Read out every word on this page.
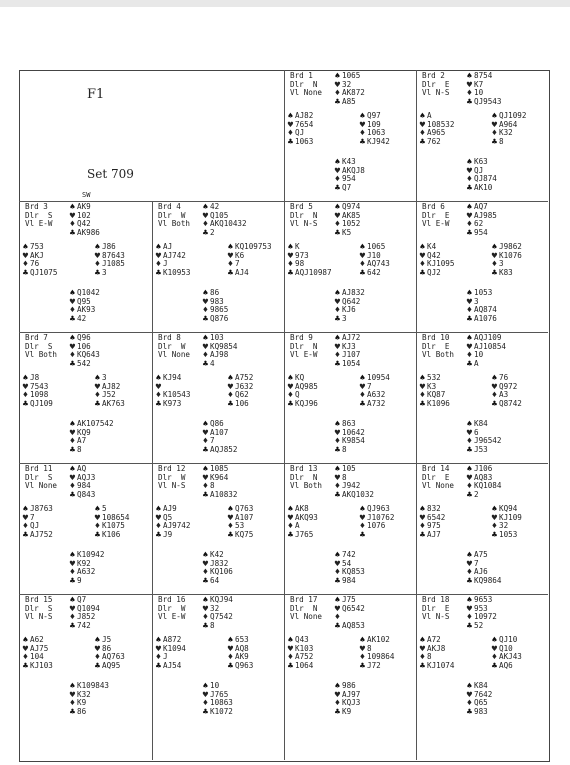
F1
Set 709
SW
Brd 1
Dlr  N
Vl None
♠1065
♥32
♦AK872
♣A85
♠AJ82
♥7654
♦QJ
♣1063
♠Q97
♥109
♦1063
♣KJ942
♠K43
♥AKQJ8
♦954
♣Q7
Brd 2
Dlr  E
Vl N-S
♠8754
♥K7
♦10
♣QJ9543
♠A
♥108532
♦A965
♣762
♠QJ1092
♥A964
♦K32
♣8
♠K63
♥QJ
♦QJ874
♣AK10
Brd 3
Dlr  S
Vl E-W
♠AK9
♥102
♦Q42
♣AK986
♠753
♥AKJ
♦76
♣QJ1075
♠J86
♥87643
♦J1085
♣3
♠Q1042
♥Q95
♦AK93
♣42
Brd 4
Dlr  W
Vl Both
♠42
♥Q105
♦AKQ10432
♣2
♠AJ
♥AJ742
♦J
♣K10953
♠KQ109753
♥K6
♦7
♣AJ4
♠86
♥983
♦9865
♣Q876
Brd 5
Dlr  N
Vl N-S
♠Q974
♥AK85
♦1052
♣K5
♠K
♥973
♦98
♣AQJ10987
♠1065
♥J10
♦AQ743
♣642
♠AJ832
♥Q642
♦KJ6
♣3
Brd 6
Dlr  E
Vl E-W
♠AQ7
♥AJ985
♦62
♣954
♠K4
♥Q42
♦KJ1095
♣QJ2
♠J9862
♥K1076
♦3
♣K83
♠1053
♥3
♦AQ874
♣A1076
Brd 7
Dlr  S
Vl Both
♠Q96
♥106
♦KQ643
♣542
♠J8
♥7543
♦1098
♣QJ109
♠3
♥AJ82
♦J52
♣AK763
♠AK107542
♥KQ9
♦A7
♣8
Brd 8
Dlr  W
Vl None
♠103
♥KQ9854
♦AJ98
♣4
♠KJ94
♥
♦K10543
♣K973
♠A752
♥J632
♦Q62
♣106
♠Q86
♥A107
♦7
♣AQJ852
Brd 9
Dlr  N
Vl E-W
♠AJ72
♥KJ3
♦J107
♣1054
♠KQ
♥AQ985
♦Q
♣KQJ96
♠10954
♥7
♦A632
♣A732
♠863
♥10642
♦K9854
♣8
Brd 10
Dlr  E
Vl Both
♠AQJ109
♥AJ10854
♦10
♣A
♠532
♥K3
♦KQ87
♣K1096
♠76
♥Q972
♦A3
♣Q8742
♠K84
♥6
♦J96542
♣J53
Brd 11
Dlr  S
Vl None
♠AQ
♥AQJ3
♦984
♣Q843
♠J8763
♥7
♦QJ
♣AJ752
♠5
♥108654
♦K1075
♣K106
♠K10942
♥K92
♦A632
♣9
Brd 12
Dlr  W
Vl N-S
♠1085
♥K964
♦8
♣A10832
♠AJ9
♥Q5
♦AJ9742
♣J9
♠Q763
♥A107
♦53
♣KQ75
♠K42
♥J832
♦KQ106
♣64
Brd 13
Dlr  N
Vl Both
♠105
♥8
♦J942
♣AKQ1032
♠AK8
♥AKQ93
♦A
♣J765
♠QJ963
♥J10762
♦1076
♣
♠742
♥54
♦KQ853
♣984
Brd 14
Dlr  E
Vl None
♠J106
♥AQ83
♦KQ1084
♣2
♠832
♥6542
♦975
♣AJ7
♠KQ94
♥KJ109
♦32
♣1053
♠A75
♥7
♦AJ6
♣KQ9864
Brd 15
Dlr  S
Vl N-S
♠Q7
♥Q1094
♦J852
♣742
♠A62
♥AJ75
♦104
♣KJ103
♠J5
♥86
♦AQ763
♣AQ95
♠K109843
♥K32
♦K9
♣86
Brd 16
Dlr  W
Vl E-W
♠KQJ94
♥32
♦Q7542
♣8
♠A872
♥K1094
♦J
♣AJ54
♠653
♥AQ8
♦AK9
♣Q963
♠10
♥J765
♦10863
♣K1072
Brd 17
Dlr  N
Vl None
♠J75
♥Q6542
♦
♣AQ853
♠Q43
♥K103
♦A752
♣1064
♠AK102
♥8
♦109864
♣J72
♠986
♥AJ97
♦KQJ3
♣K9
Brd 18
Dlr  E
Vl N-S
♠9653
♥953
♦10972
♣52
♠A72
♥AKJ8
♦8
♣KJ1074
♠QJ10
♥Q10
♦AKJ43
♣AQ6
♠K84
♥7642
♦Q65
♣983
